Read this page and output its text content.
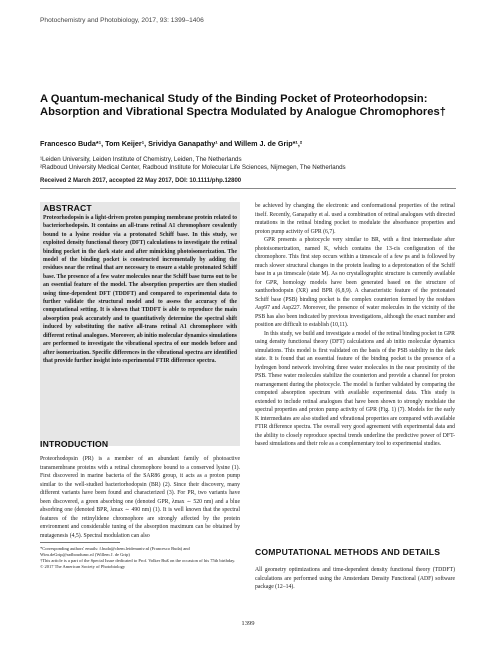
Photochemistry and Photobiology, 2017, 93: 1399–1406
A Quantum-mechanical Study of the Binding Pocket of Proteorhodopsin: Absorption and Vibrational Spectra Modulated by Analogue Chromophores†
Francesco Buda*¹, Tom Keijer¹, Srividya Ganapathy¹ and Willem J. de Grip*¹,²
¹Leiden University, Leiden Institute of Chemistry, Leiden, The Netherlands
²Radboud University Medical Center, Radboud Institute for Molecular Life Sciences, Nijmegen, The Netherlands
Received 2 March 2017, accepted 22 May 2017, DOI: 10.1111/php.12800
ABSTRACT
Proteorhodopsin is a light-driven proton pumping membrane protein related to bacteriorhodopsin. It contains an all-trans retinal A1 chromophore covalently bound to a lysine residue via a protonated Schiff base. In this study, we exploited density functional theory (DFT) calculations to investigate the retinal binding pocket in the dark state and after mimicking photoisomerization. The model of the binding pocket is constructed incrementally by adding the residues near the retinal that are necessary to ensure a stable protonated Schiff base. The presence of a few water molecules near the Schiff base turns out to be an essential feature of the model. The absorption properties are then studied using time-dependent DFT (TDDFT) and compared to experimental data to further validate the structural model and to assess the accuracy of the computational setting. It is shown that TDDFT is able to reproduce the main absorption peak accurately and to quantitatively determine the spectral shift induced by substituting the native all-trans retinal A1 chromophore with different retinal analogues. Moreover, ab initio molecular dynamics simulations are performed to investigate the vibrational spectra of our models before and after isomerization. Specific differences in the vibrational spectra are identified that provide further insight into experimental FTIR difference spectra.
INTRODUCTION

Proteorhodopsin (PR) is a member of an abundant family of photoactive transmembrane proteins with a retinal chromophore bound to a conserved lysine (1). First discovered in marine bacteria of the SAR86 group, it acts as a proton pump similar to the well-studied bacteriorhodopsin (BR) (2). Since their discovery, many different variants have been found and characterized (3). For PR, two variants have been discovered, a green absorbing one (denoted GPR, λmax ∼ 520 nm) and a blue absorbing one (denoted BPR, λmax ∼ 490 nm) (1). It is well known that the spectral features of the retinylidene chromophore are strongly affected by the protein environment and considerable tuning of the absorption maximum can be obtained by mutagenesis (4,5). Spectral modulation can also

*Corresponding authors' emails: f.buda@chem.leidenuniv.nl (Francesco Buda) and Wim.deGrip@radboudumc.nl (Willem J. de Grip)
†This article is a part of the Special Issue dedicated to Prof. Volker Buß on the occasion of his 75th birthday.
© 2017 The American Society of Photobiology

be achieved by changing the electronic and conformational properties of the retinal itself. Recently, Ganapathy et al. used a combination of retinal analogues with directed mutations in the retinal binding pocket to modulate the absorbance properties and proton pump activity of GPR (6,7).

GPR presents a photocycle very similar to BR, with a first intermediate after photoisomerization, named K, which contains the 13-cis configuration of the chromophore. This first step occurs within a timescale of a few ps and is followed by much slower structural changes in the protein leading to a deprotonation of the Schiff base in a μs timescale (state M). As no crystallographic structure is currently available for GPR, homology models have been generated based on the structure of xanthorhodopsin (XR) and BPR (6,8,9). A characteristic feature of the protonated Schiff base (PSB) binding pocket is the complex counterion formed by the residues Asp97 and Asp227. Moreover, the presence of water molecules in the vicinity of the PSB has also been indicated by previous investigations, although the exact number and position are difficult to establish (10,11).

In this study, we build and investigate a model of the retinal binding pocket in GPR using density functional theory (DFT) calculations and ab initio molecular dynamics simulations. This model is first validated on the basis of the PSB stability in the dark state. It is found that an essential feature of the binding pocket is the presence of a hydrogen bond network involving three water molecules in the near proximity of the PSB. These water molecules stabilize the counterion and provide a channel for proton rearrangement during the photocycle. The model is further validated by comparing the computed absorption spectrum with available experimental data. This study is extended to include retinal analogues that have been shown to strongly modulate the spectral properties and proton pump activity of GPR (Fig. 1) (7). Models for the early K intermediates are also studied and vibrational properties are compared with available FTIR difference spectra. The overall very good agreement with experimental data and the ability to closely reproduce spectral trends underline the predictive power of DFT-based simulations and their role as a complementary tool to experimental studies.

COMPUTATIONAL METHODS AND DETAILS

All geometry optimizations and time-dependent density functional theory (TDDFT) calculations are performed using the Amsterdam Density Functional (ADF) software package (12–14).

1399
